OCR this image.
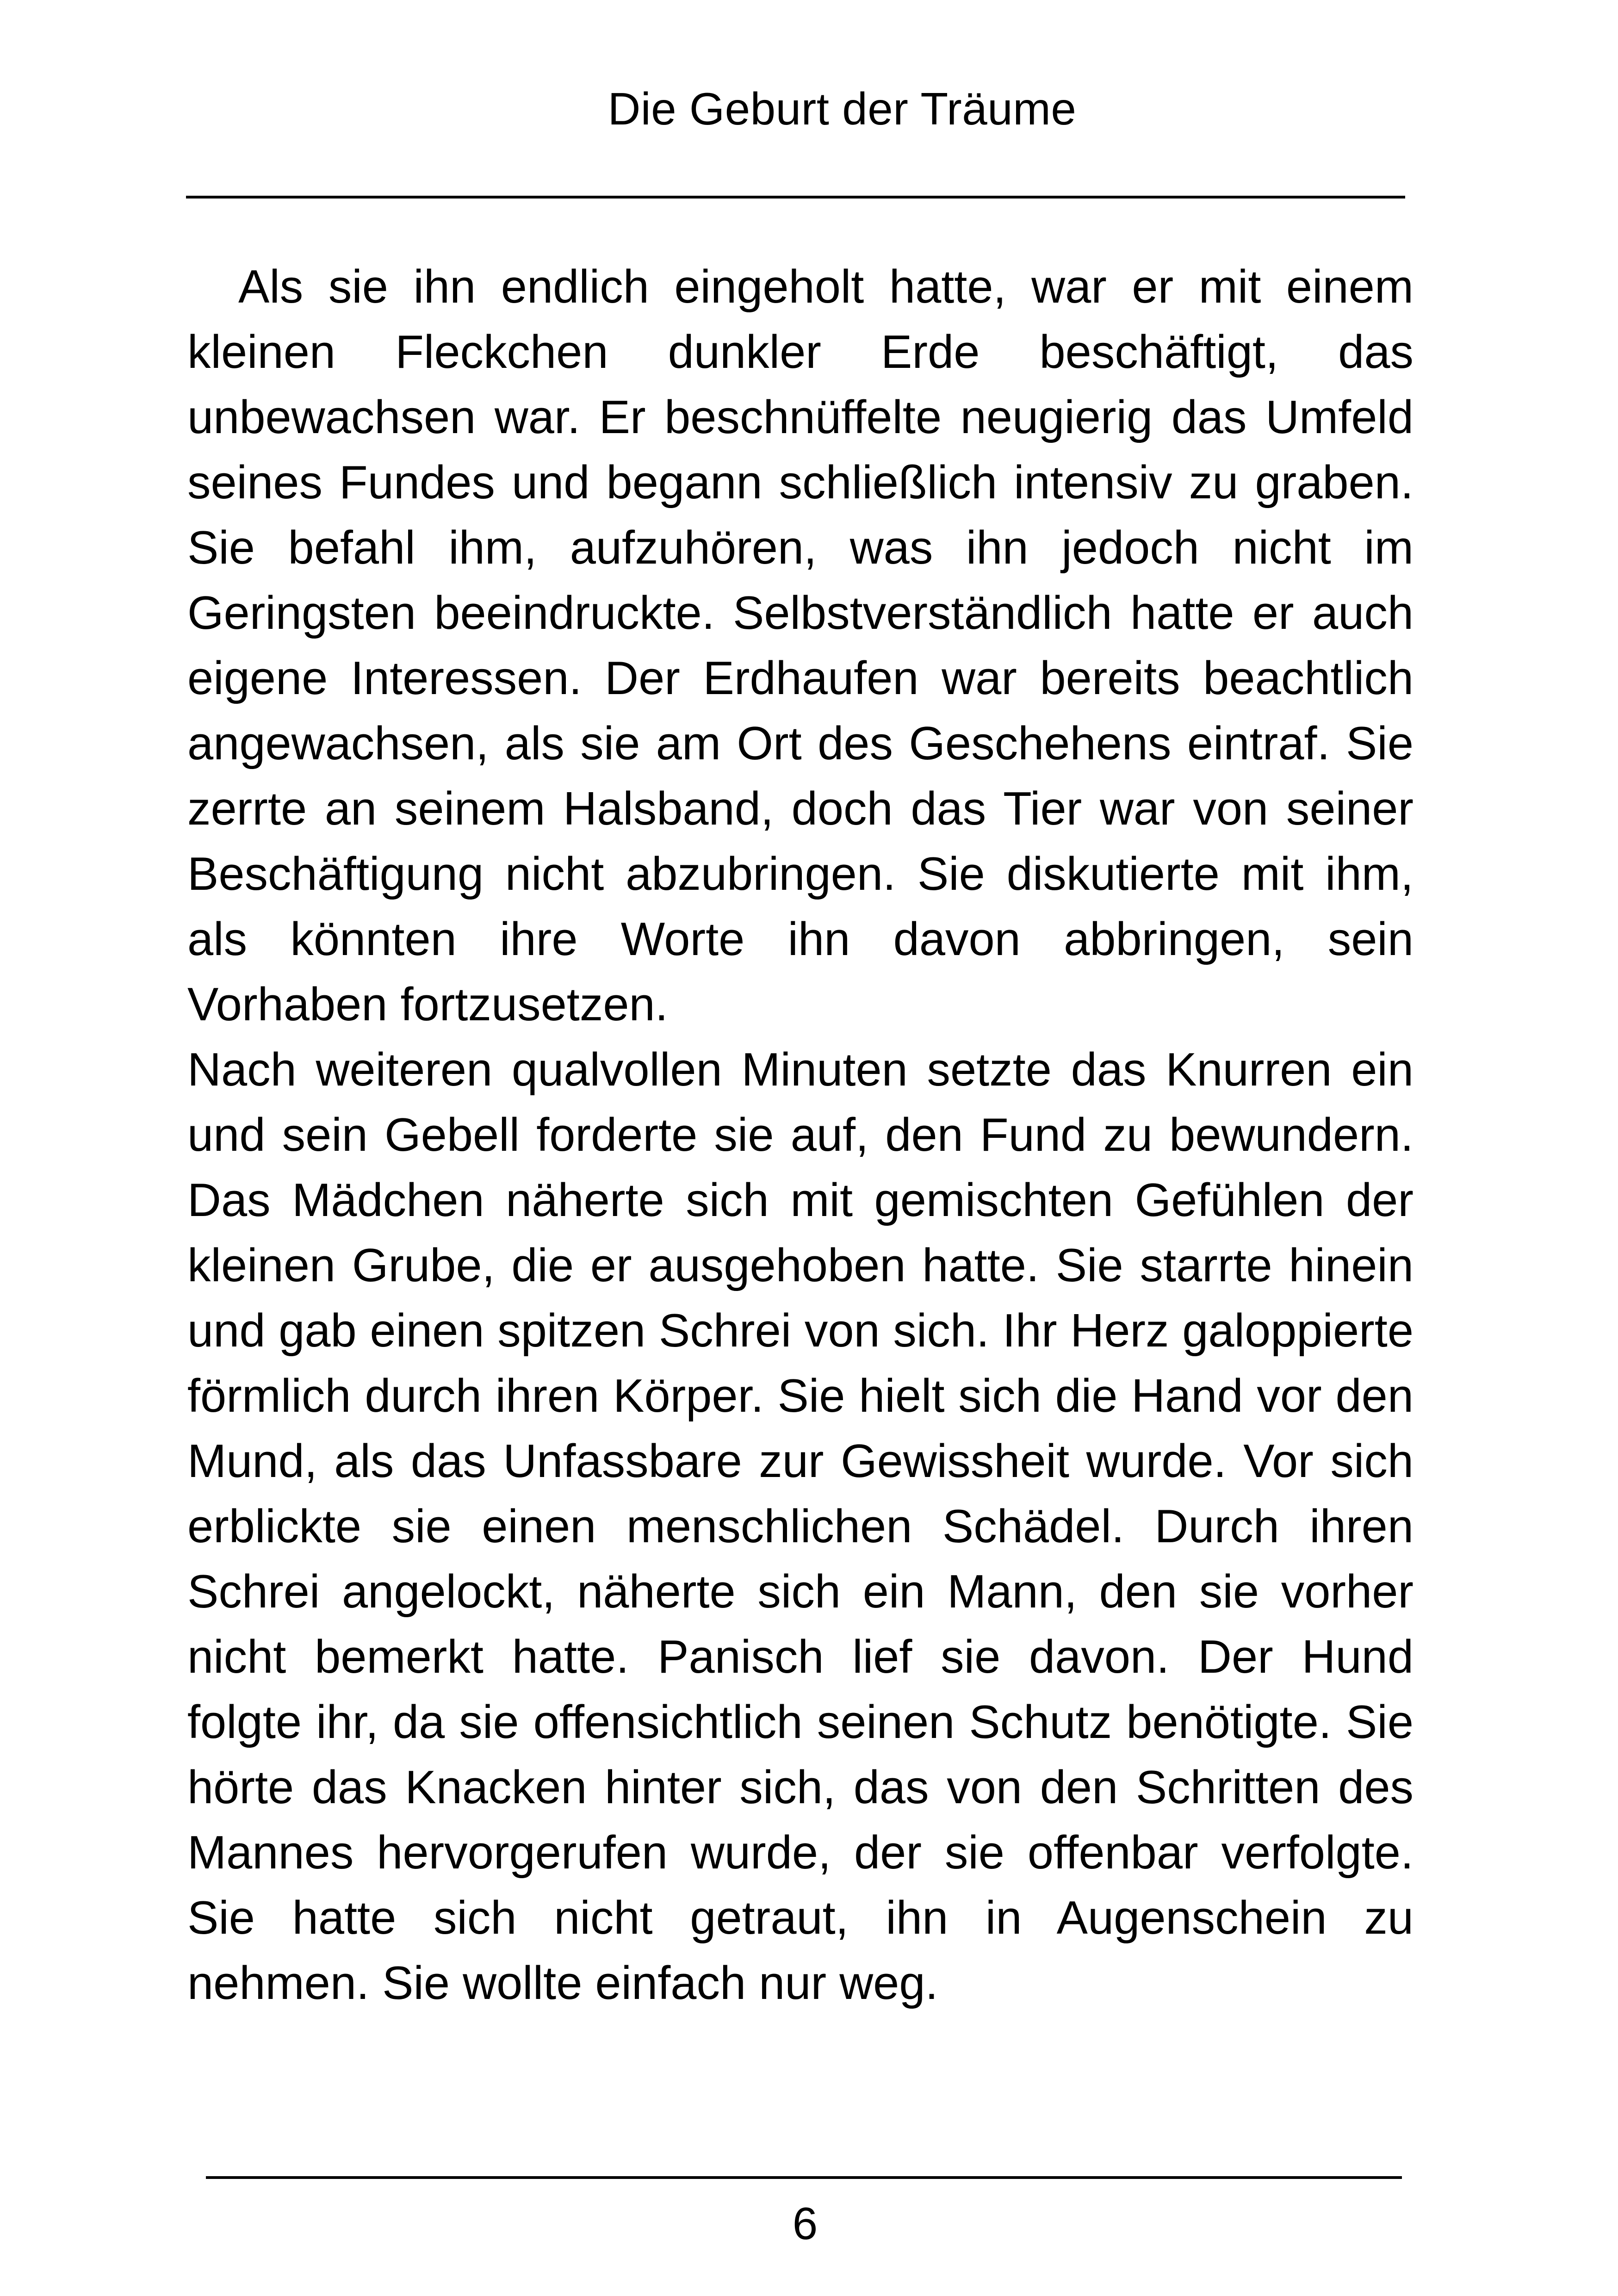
Die Geburt der Träume

Als sie ihn endlich eingeholt hatte, war er mit einem kleinen Fleckchen dunkler Erde beschäftigt, das unbewachsen war. Er beschnüffelte neugierig das Umfeld seines Fundes und begann schließlich intensiv zu graben. Sie befahl ihm, aufzuhören, was ihn jedoch nicht im Geringsten beeindruckte. Selbstverständlich hatte er auch eigene Interessen. Der Erdhaufen war bereits beachtlich angewachsen, als sie am Ort des Geschehens eintraf. Sie zerrte an seinem Halsband, doch das Tier war von seiner Beschäftigung nicht abzubringen. Sie diskutierte mit ihm, als könnten ihre Worte ihn davon abbringen, sein Vorhaben fortzusetzen.

Nach weiteren qualvollen Minuten setzte das Knurren ein und sein Gebell forderte sie auf, den Fund zu bewundern. Das Mädchen näherte sich mit gemischten Gefühlen der kleinen Grube, die er ausgehoben hatte. Sie starrte hinein und gab einen spitzen Schrei von sich. Ihr Herz galoppierte förmlich durch ihren Körper. Sie hielt sich die Hand vor den Mund, als das Unfassbare zur Gewissheit wurde. Vor sich erblickte sie einen menschlichen Schädel. Durch ihren Schrei angelockt, näherte sich ein Mann, den sie vorher nicht bemerkt hatte. Panisch lief sie davon. Der Hund folgte ihr, da sie offensichtlich seinen Schutz benötigte. Sie hörte das Knacken hinter sich, das von den Schritten des Mannes hervorgerufen wurde, der sie offenbar verfolgte. Sie hatte sich nicht getraut, ihn in Augenschein zu nehmen. Sie wollte einfach nur weg.

6
